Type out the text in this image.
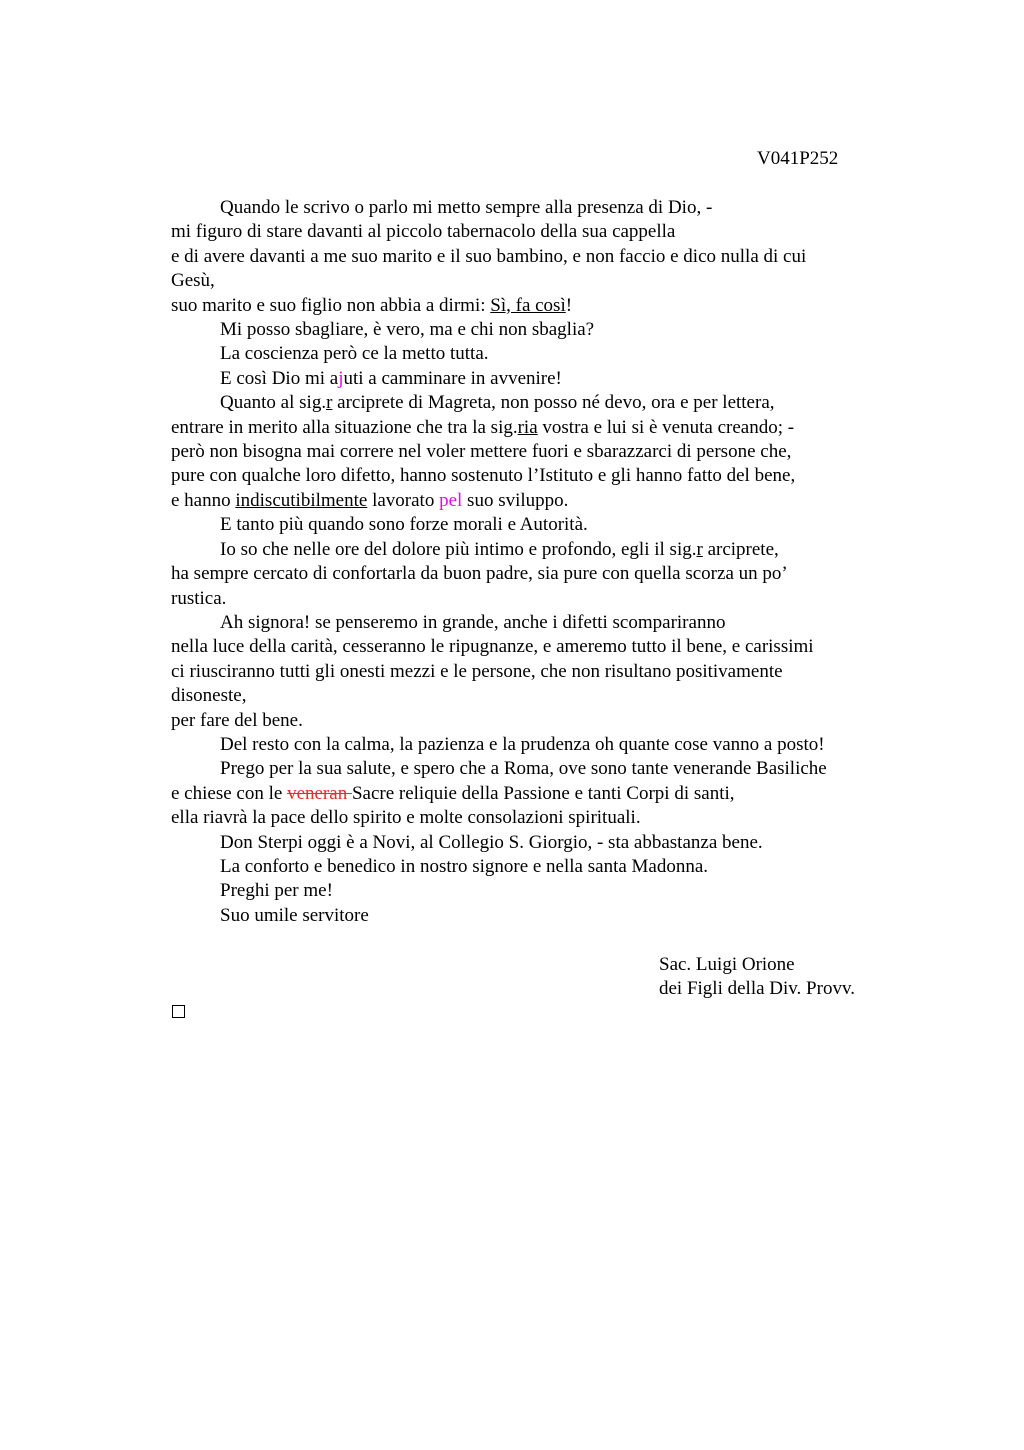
V041P252
Quando le scrivo o parlo mi metto sempre alla presenza di Dio, -
mi figuro di stare davanti al piccolo tabernacolo della sua cappella
e di avere davanti a me suo marito e il suo bambino, e non faccio e dico nulla di cui
Gesù,
suo marito e suo figlio non abbia a dirmi: Sì, fa così!
Mi posso sbagliare, è vero, ma e chi non sbaglia?
La coscienza però ce la metto tutta.
E così Dio mi ajuti a camminare in avvenire!
Quanto al sig.r arciprete di Magreta, non posso né devo, ora e per lettera,
entrare in merito alla situazione che tra la sig.ria vostra e lui si è venuta creando; -
però non bisogna mai correre nel voler mettere fuori e sbarazzarci di persone che,
pure con qualche loro difetto, hanno sostenuto l’Istituto e gli hanno fatto del bene,
e hanno indiscutibilmente lavorato pel suo sviluppo.
E tanto più quando sono forze morali e Autorità.
Io so che nelle ore del dolore più intimo e profondo, egli il sig.r arciprete,
ha sempre cercato di confortarla da buon padre, sia pure con quella scorza un po’
rustica.
Ah signora! se penseremo in grande, anche i difetti scompariranno
nella luce della carità, cesseranno le ripugnanze, e ameremo tutto il bene, e carissimi
ci riusciranno tutti gli onesti mezzi e le persone, che non risultano positivamente
disoneste,
per fare del bene.
Del resto con la calma, la pazienza e la prudenza oh quante cose vanno a posto!
Prego per la sua salute, e spero che a Roma, ove sono tante venerande Basiliche
e chiese con le veneran Sacre reliquie della Passione e tanti Corpi di santi,
ella riavrà la pace dello spirito e molte consolazioni spirituali.
Don Sterpi oggi è a Novi, al Collegio S. Giorgio, - sta abbastanza bene.
La conforto e benedico in nostro signore e nella santa Madonna.
Preghi per me!
Suo umile servitore
Sac. Luigi Orione
dei Figli della Div. Provv.
